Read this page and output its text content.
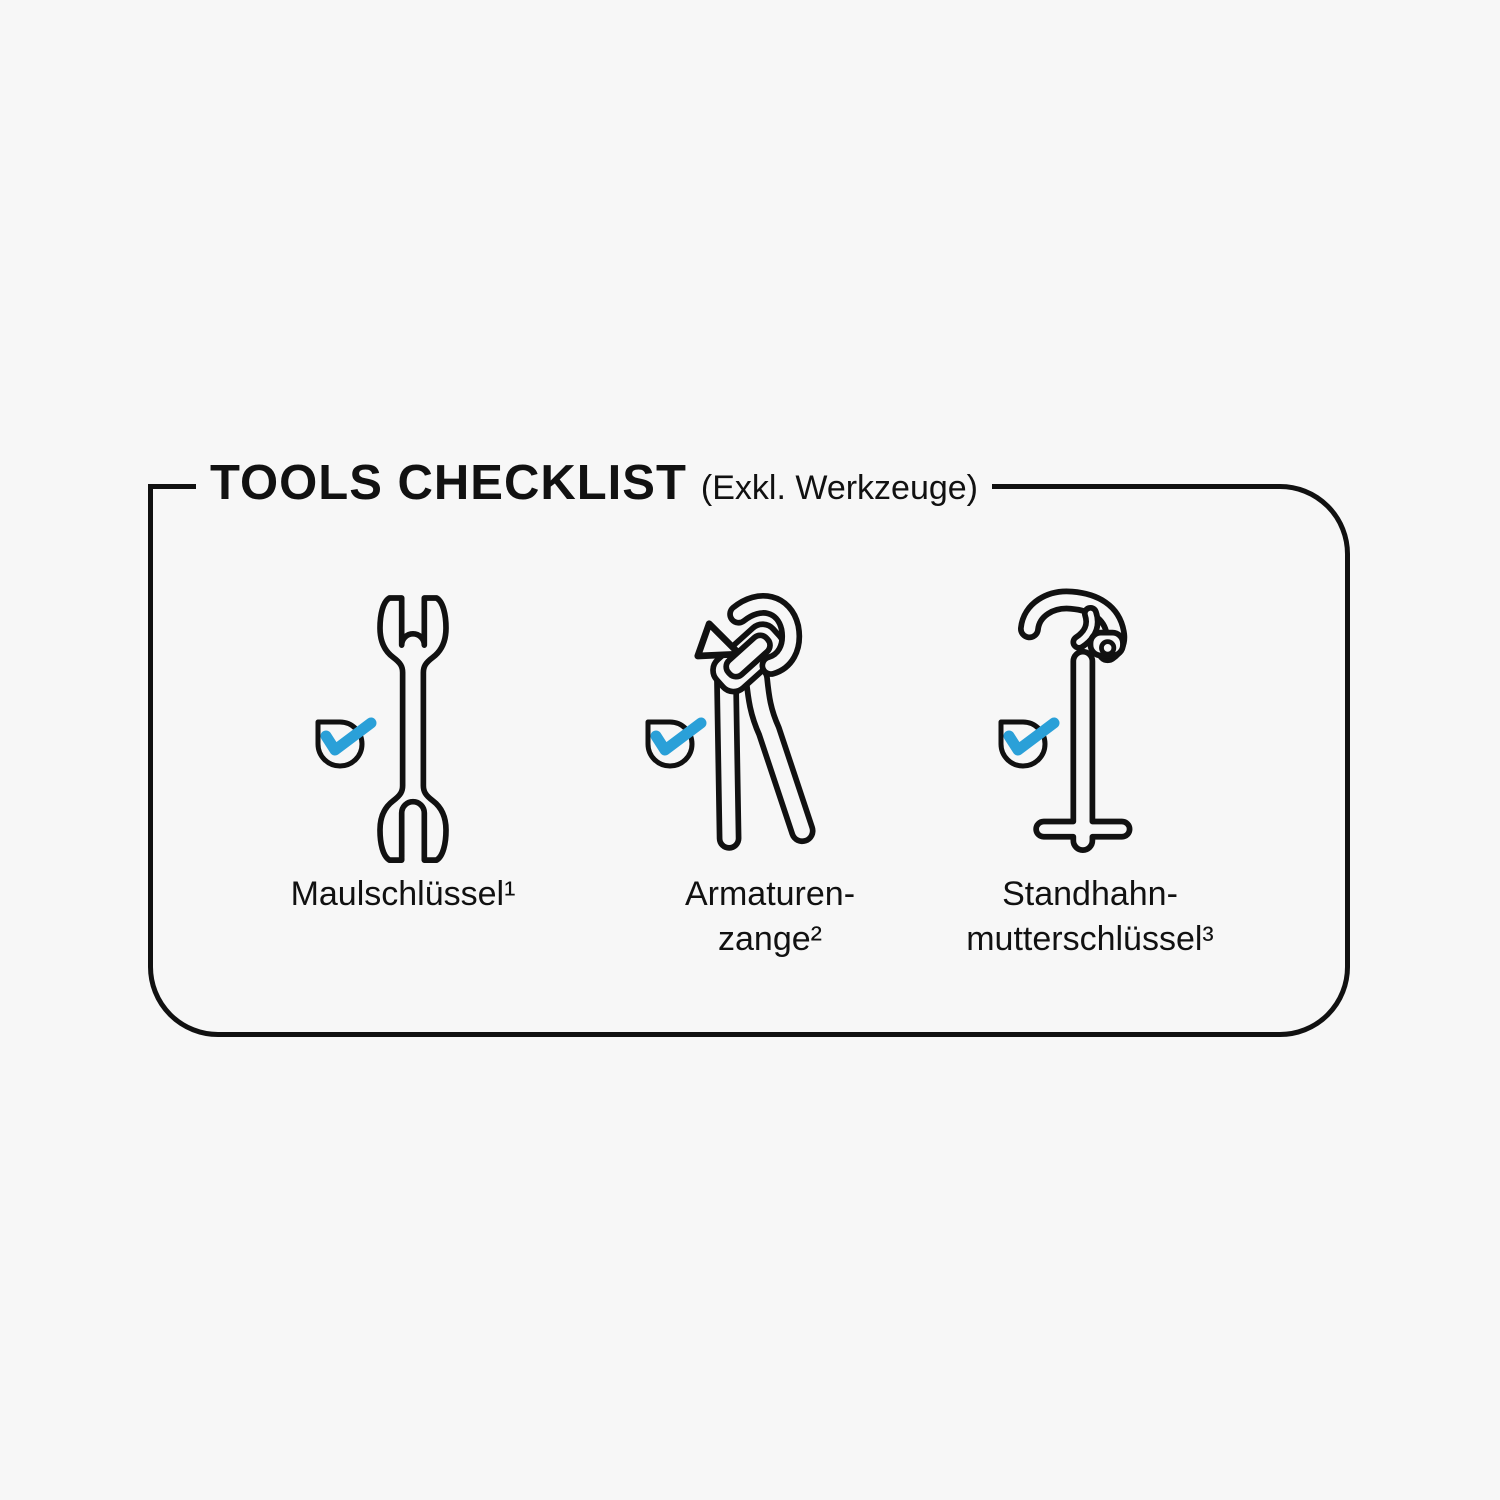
TOOLS CHECKLIST (Exkl. Werkzeuge)
Maulschlüssel¹	Armaturen-
zange²
Standhahn-
mutterschlüssel³
